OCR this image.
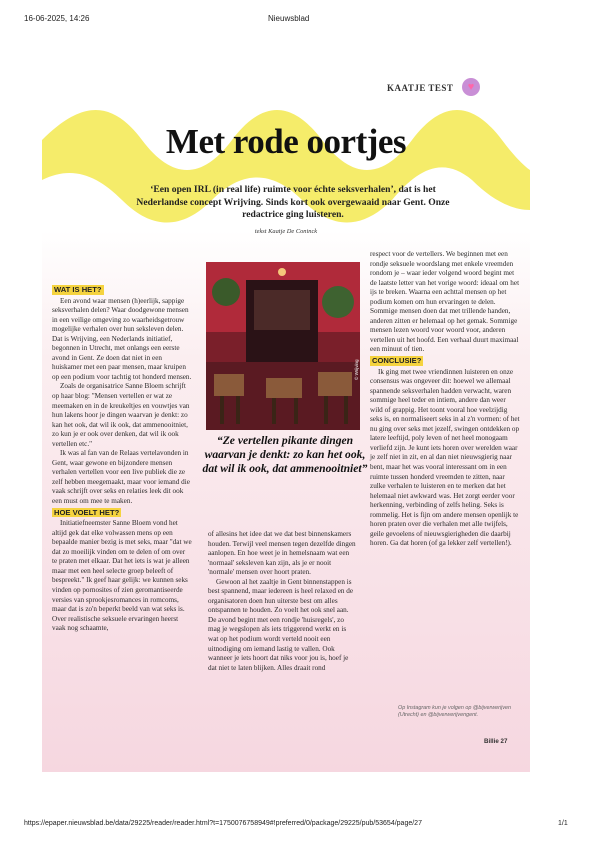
16-06-2025, 14:26	Nieuwsblad
KAATJE TEST	♥
Met rode oortjes
‘Een open IRL (in real life) ruimte voor échte seksverhalen’, dat is het Nederlandse concept Wrijving. Sinds kort ook overgewaaid naar Gent. Onze redactrice ging luisteren.
tekst Kaatje De Coninck
WAT IS HET?

Een avond waar mensen (h)eerlijk, sappige seksverhalen delen? Waar doodgewone mensen in een veilige omgeving zo waarheidsgetrouw mogelijke verhalen over hun seksleven delen. Dat is Wrijving, een Nederlands initiatief, begonnen in Utrecht, met onlangs een eerste avond in Gent. Ze doen dat niet in een huiskamer met een paar mensen, maar kruipen op een podium voor tachtig tot honderd mensen.

Zoals de organisatrice Sanne Bloem schrijft op haar blog: "Mensen vertellen er wat ze meemaken en in de kreukeltjes en vouwtjes van hun lakens hoor je dingen waarvan je denkt: zo kan het ook, dat wil ik ook, dat ammenooitniet, zo kun je er ook over denken, dat wil ik ook vertellen etc."

Ik was al fan van de Relaas vertelavonden in Gent, waar gewone en bijzondere mensen verhalen vertellen voor een live publiek die ze zelf hebben meegemaakt, maar voor iemand die vaak schrijft over seks en relaties leek dit ook een must om mee te maken.

HOE VOELT HET?

Initiatiefneemster Sanne Bloem vond het altijd gek dat elke volwassen mens op een bepaalde manier bezig is met seks, maar "dat we dat zo moeilijk vinden om te delen of om over te praten met elkaar. Dat het iets is wat je alleen maar met een heel selecte groep beleeft of bespreekt." Ik geef haar gelijk: we kunnen seks vinden op pornosites of zien geromantiseerde versies van sprookjesromances in romcoms, maar dat is zo'n beperkt beeld van wat seks is. Over realistische seksuele ervaringen heerst vaak nog schaamte,

© Wrijving
“Ze vertellen pikante dingen waarvan je denkt: zo kan het ook, dat wil ik ook, dat ammenooitniet”

of allesins het idee dat we dat best binnenskamers houden. Terwijl veel mensen tegen dezelfde dingen aanlopen. En hoe weet je in hemelsnaam wat een 'normaal' seksleven kan zijn, als je er nooit 'normale' mensen over hoort praten.

Gewoon al het zaaltje in Gent binnenstappen is best spannend, maar iedereen is heel relaxed en de organisatoren doen hun uiterste best om alles ontspannen te houden. Zo voelt het ook snel aan. De avond begint met een rondje 'huisregels', zo mag je wegslopen als iets triggerend werkt en is wat op het podium wordt verteld nooit een uitnodiging om iemand lastig te vallen. Ook wanneer je iets hoort dat niks voor jou is, hoef je dat niet te laten blijken. Alles draait rond

respect voor de vertellers. We beginnen met een rondje seksuele woordslang met enkele vreemden rondom je – waar ieder volgend woord begint met de laatste letter van het vorige woord: ideaal om het ijs te breken. Waarna een achttal mensen op het podium komen om hun ervaringen te delen. Sommige mensen doen dat met trillende handen, anderen zitten er helemaal op het gemak. Sommige mensen lezen woord voor woord voor, anderen vertellen uit het hoofd. Een verhaal duurt maximaal een minuut of tien.

CONCLUSIE?

Ik ging met twee vriendinnen luisteren en onze consensus was ongeveer dit: hoewel we allemaal spannende seksverhalen hadden verwacht, waren sommige heel teder en intiem, andere dan weer wild of grappig. Het toont vooral hoe veelzijdig seks is, en normaliseert seks in al z'n vormen: of het nu ging over seks met jezelf, swingen ontdekken op latere leeftijd, poly leven of net heel monogaam verliefd zijn. Je kunt iets horen over werelden waar je zelf niet in zit, en al dan niet nieuwsgierig naar bent, maar het was vooral interessant om in een ruimte tussen honderd vreemden te zitten, naar zulke verhalen te luisteren en te merken dat het helemaal niet awkward was. Het zorgt eerder voor herkenning, verbinding of zelfs heling. Seks is rommelig. Het is fijn om andere mensen openlijk te horen praten over die verhalen met alle twijfels, geile gevoelens of nieuwsgierigheden die daarbij horen. Ga dat horen (of ga lekker zelf vertellen!).

Op Instagram kun je volgen op @bijverwerijven (Utrecht) en @bijverwerijvengent.
Billie 27
https://epaper.nieuwsblad.be/data/29225/reader/reader.html?t=1750076758949#!preferred/0/package/29225/pub/53654/page/27	1/1
